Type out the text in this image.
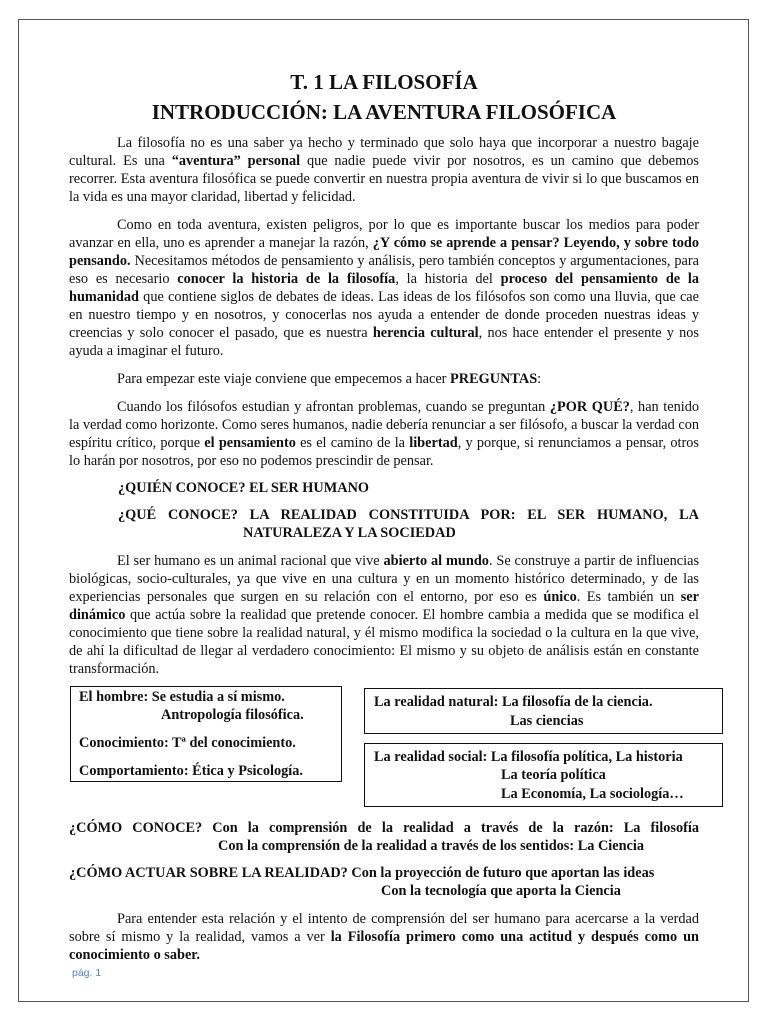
T. 1 LA FILOSOFÍA
INTRODUCCIÓN: LA AVENTURA FILOSÓFICA

La filosofía no es una saber ya hecho y terminado que solo haya que incorporar a nuestro bagaje cultural. Es una “aventura” personal que nadie puede vivir por nosotros, es un camino que debemos recorrer. Esta aventura filosófica se puede convertir en nuestra propia aventura de vivir si lo que buscamos en la vida es una mayor claridad, libertad y felicidad.

Como en toda aventura, existen peligros, por lo que es importante buscar los medios para poder avanzar en ella, uno es aprender a manejar la razón, ¿Y cómo se aprende a pensar? Leyendo, y sobre todo pensando. Necesitamos métodos de pensamiento y análisis, pero también conceptos y argumentaciones, para eso es necesario conocer la historia de la filosofía, la historia del proceso del pensamiento de la humanidad que contiene siglos de debates de ideas. Las ideas de los filósofos son como una lluvia, que cae en nuestro tiempo y en nosotros, y conocerlas nos ayuda a entender de donde proceden nuestras ideas y creencias y solo conocer el pasado, que es nuestra herencia cultural, nos hace entender el presente y nos ayuda a imaginar el futuro.

Para empezar este viaje conviene que empecemos a hacer PREGUNTAS:

Cuando los filósofos estudian y afrontan problemas, cuando se preguntan ¿POR QUÉ?, han tenido la verdad como horizonte. Como seres humanos, nadie debería renunciar a ser filósofo, a buscar la verdad con espíritu crítico, porque el pensamiento es el camino de la libertad, y porque, si renunciamos a pensar, otros lo harán por nosotros, por eso no podemos prescindir de pensar.

¿QUIÉN CONOCE? EL SER HUMANO
¿QUÉ CONOCE? LA REALIDAD CONSTITUIDA POR: EL SER HUMANO, LA
NATURALEZA Y LA SOCIEDAD

El ser humano es un animal racional que vive abierto al mundo. Se construye a partir de influencias biológicas, socio-culturales, ya que vive en una cultura y en un momento histórico determinado, y de las experiencias personales que surgen en su relación con el entorno, por eso es único. Es también un ser dinámico que actúa sobre la realidad que pretende conocer. El hombre cambia a medida que se modifica el conocimiento que tiene sobre la realidad natural, y él mismo modifica la sociedad o la cultura en la que vive, de ahí la dificultad de llegar al verdadero conocimiento: El mismo y su objeto de análisis están en constante transformación.

El hombre: Se estudia a sí mismo.
Antropología filosófica.
Conocimiento: Tª del conocimiento.
Comportamiento: Ética y Psicología.
La realidad natural: La filosofía de la ciencia.
Las ciencias
La realidad social: La filosofía política, La historia
La teoría política
La Economía, La sociología…
¿CÓMO CONOCE? Con la comprensión de la realidad a través de la razón: La filosofía
Con la comprensión de la realidad a través de los sentidos: La Ciencia
¿CÓMO ACTUAR SOBRE LA REALIDAD? Con la proyección de futuro que aportan las ideas
Con la tecnología que aporta la Ciencia

Para entender esta relación y el intento de comprensión del ser humano para acercarse a la verdad sobre sí mismo y la realidad, vamos a ver la Filosofía primero como una actitud y después como un conocimiento o saber.

pág. 1
